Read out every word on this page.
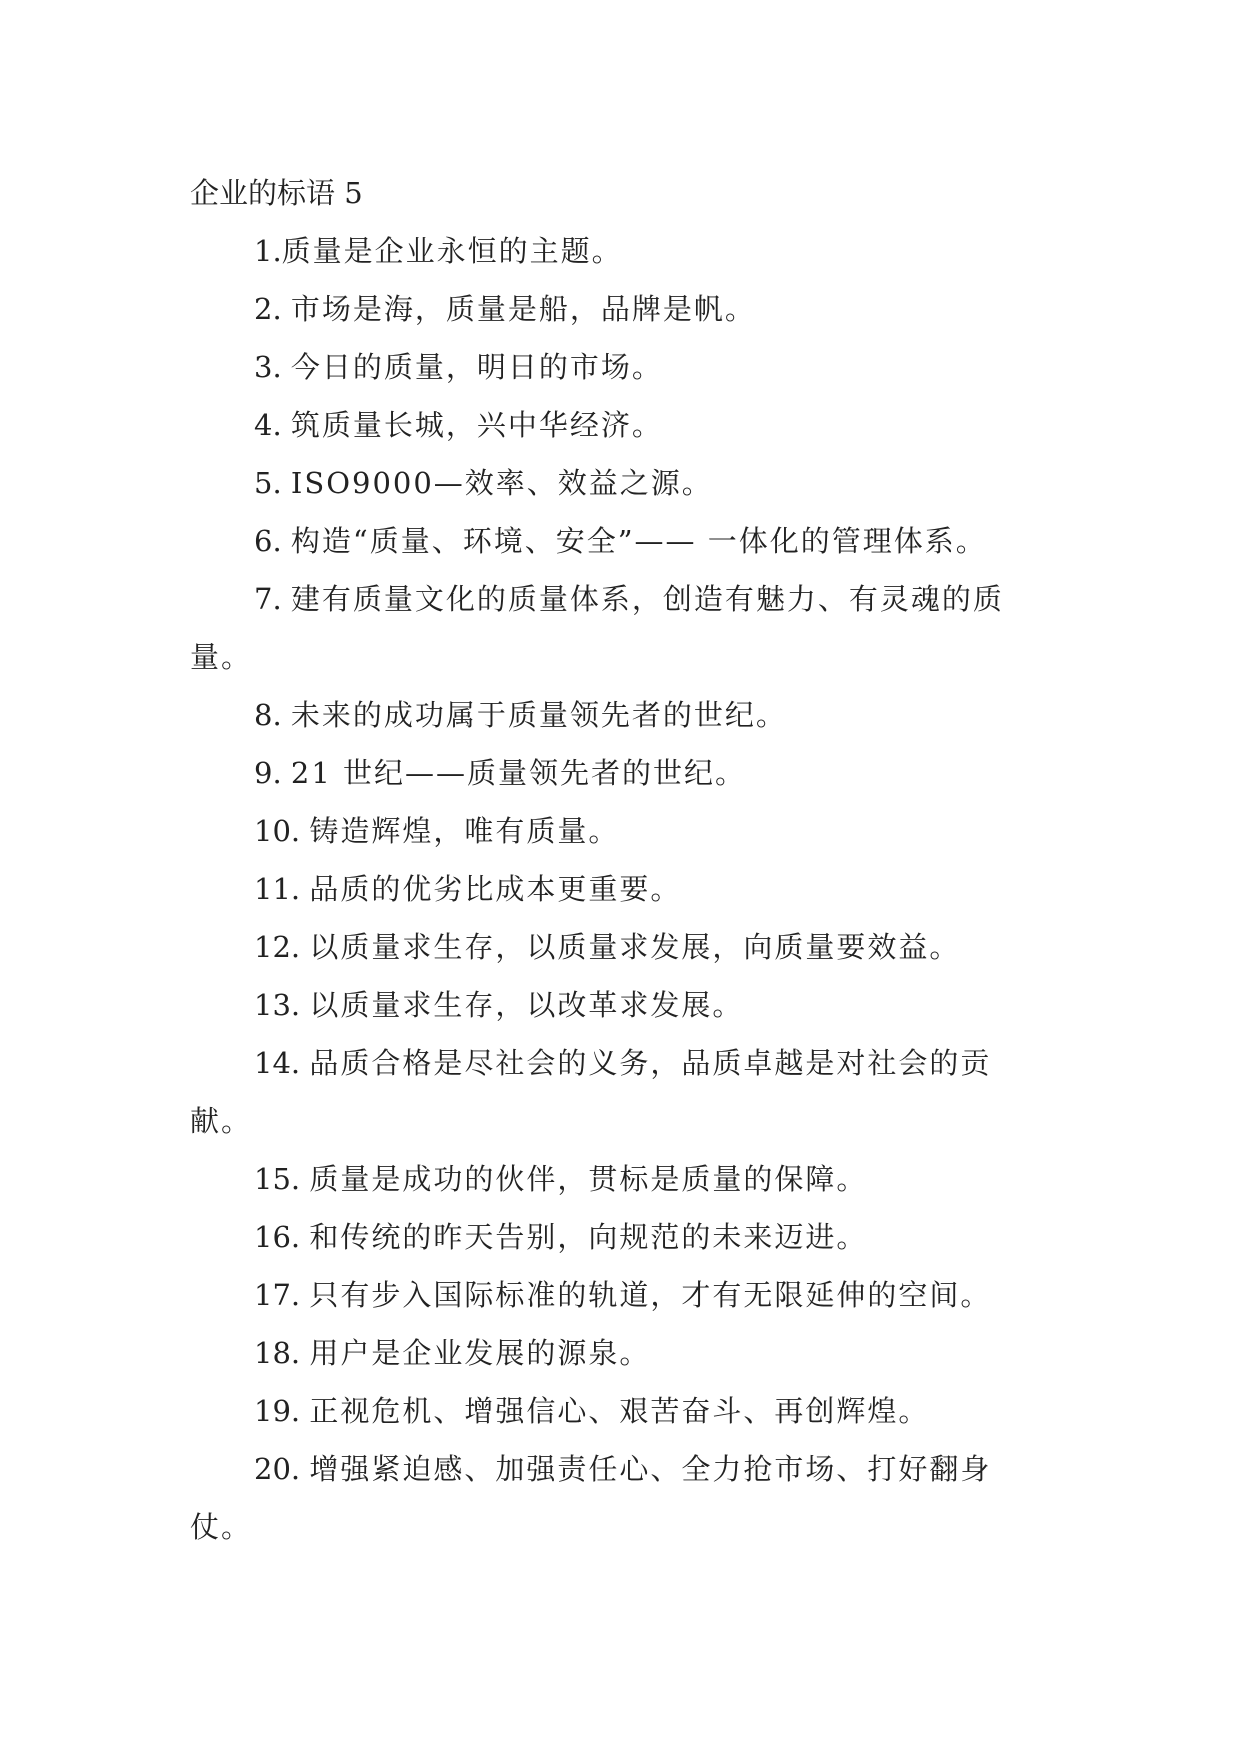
企业的标语 5

1.质量是企业永恒的主题。

2. 市场是海，质量是船，品牌是帆。

3. 今日的质量，明日的市场。

4. 筑质量长城，兴中华经济。

5. ISO9000—效率、效益之源。

6. 构造“质量、环境、安全”—— 一体化的管理体系。

7. 建有质量文化的质量体系，创造有魅力、有灵魂的质量。

8. 未来的成功属于质量领先者的世纪。

9. 21 世纪——质量领先者的世纪。

10. 铸造辉煌，唯有质量。

11. 品质的优劣比成本更重要。

12. 以质量求生存，以质量求发展，向质量要效益。

13. 以质量求生存，以改革求发展。

14. 品质合格是尽社会的义务，品质卓越是对社会的贡献。

15. 质量是成功的伙伴，贯标是质量的保障。

16. 和传统的昨天告别，向规范的未来迈进。

17. 只有步入国际标准的轨道，才有无限延伸的空间。

18. 用户是企业发展的源泉。

19. 正视危机、增强信心、艰苦奋斗、再创辉煌。

20. 增强紧迫感、加强责任心、全力抢市场、打好翻身仗。
